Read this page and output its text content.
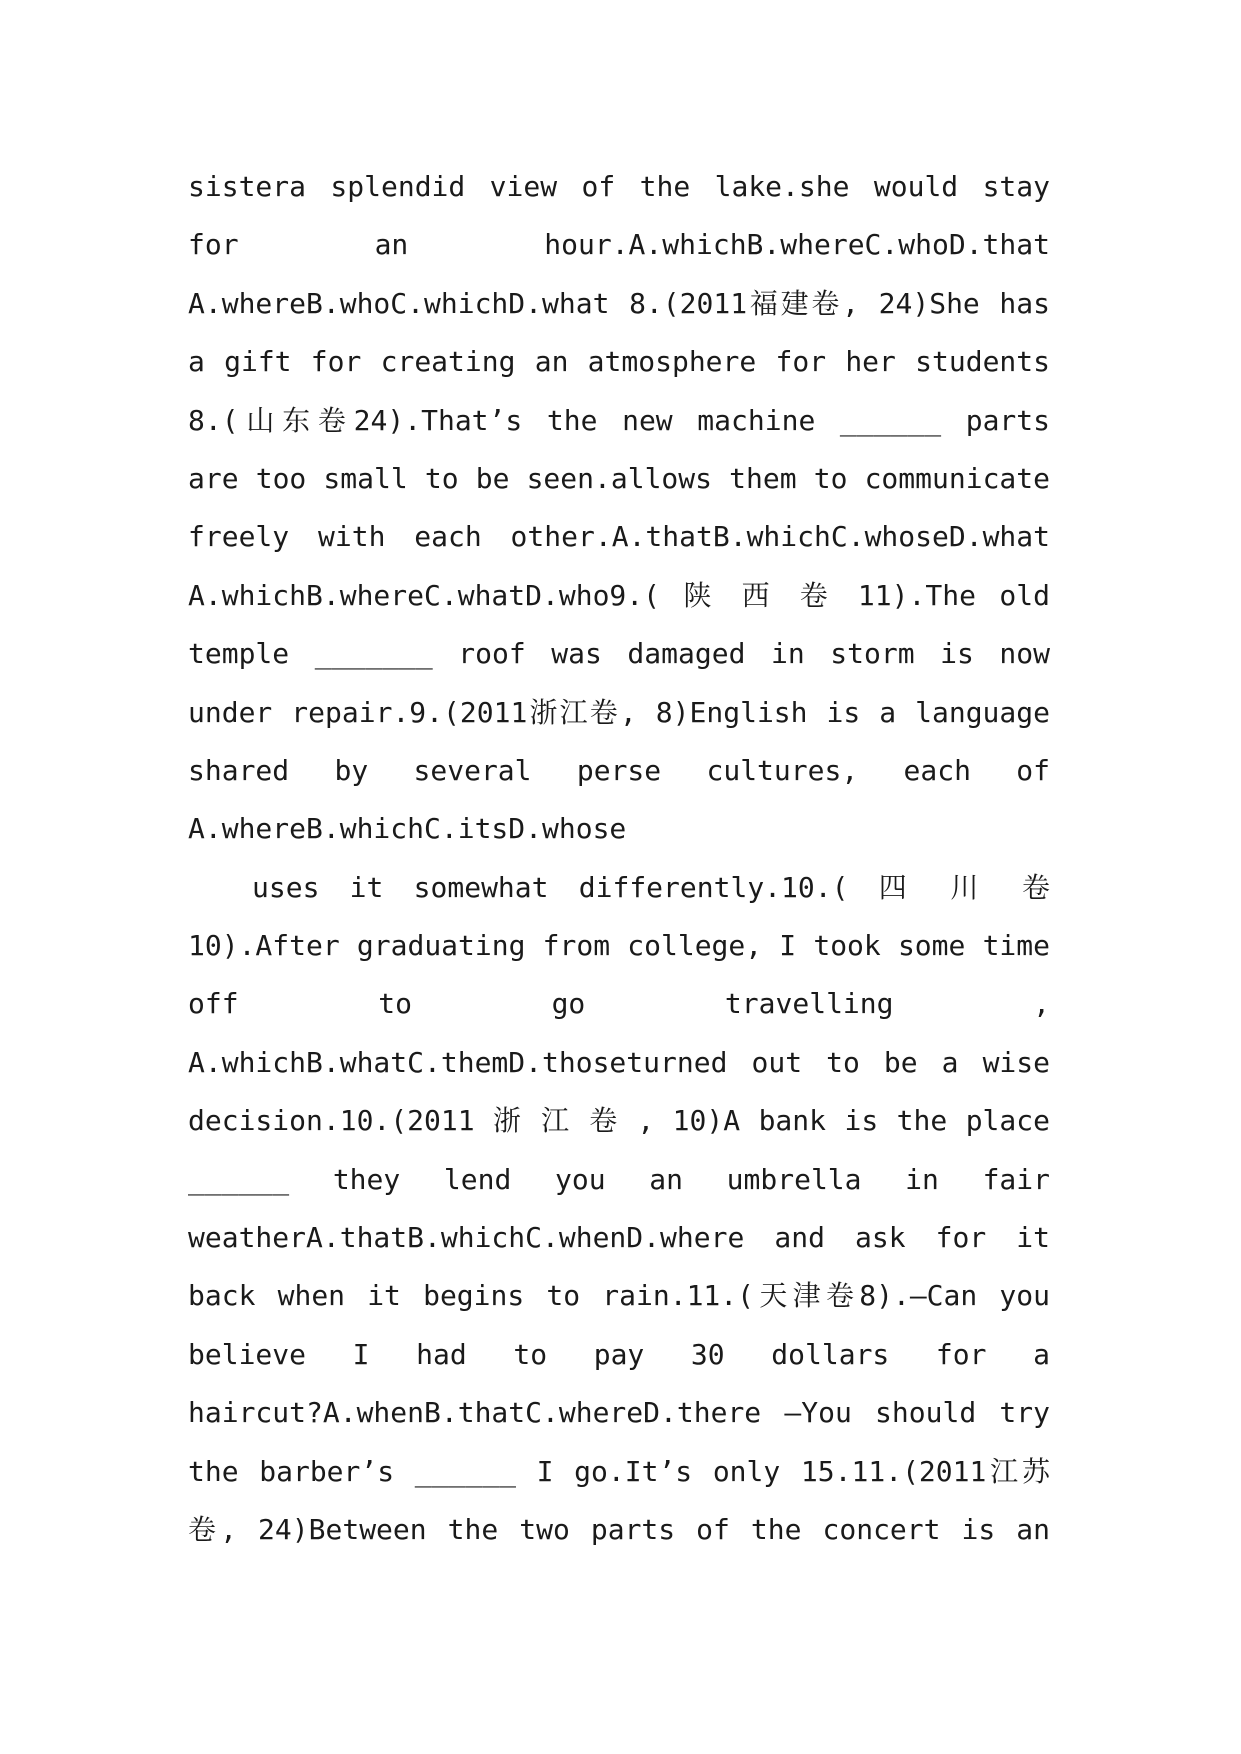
sistera splendid view of the lake.she would stay
for an hour.A.whichB.whereC.whoD.that
A.whereB.whoC.whichD.what 8.(2011福建卷, 24)She has
a gift for creating an atmosphere for her students
8.(山东卷24).That’s the new machine ______ parts
are too small to be seen.allows them to communicate
freely with each other.A.thatB.whichC.whoseD.what
A.whichB.whereC.whatD.who9.( 陕 西 卷 11).The old
temple _______ roof was damaged in storm is now
under repair.9.(2011浙江卷, 8)English is a language
shared by several perse cultures, each of
A.whereB.whichC.itsD.whose
uses it somewhat differently.10.( 四 川 卷
10).After graduating from college, I took some time
off to go travelling ,
A.whichB.whatC.themD.thoseturned out to be a wise
decision.10.(2011 浙 江 卷 , 10)A bank is the place
______ they lend you an umbrella in fair
weatherA.thatB.whichC.whenD.where and ask for it
back when it begins to rain.11.(天津卷8).—Can you
believe I had to pay 30 dollars for a
haircut?A.whenB.thatC.whereD.there —You should try
the barber’s ______ I go.It’s only 15.11.(2011江苏
卷, 24)Between the two parts of the concert is an
